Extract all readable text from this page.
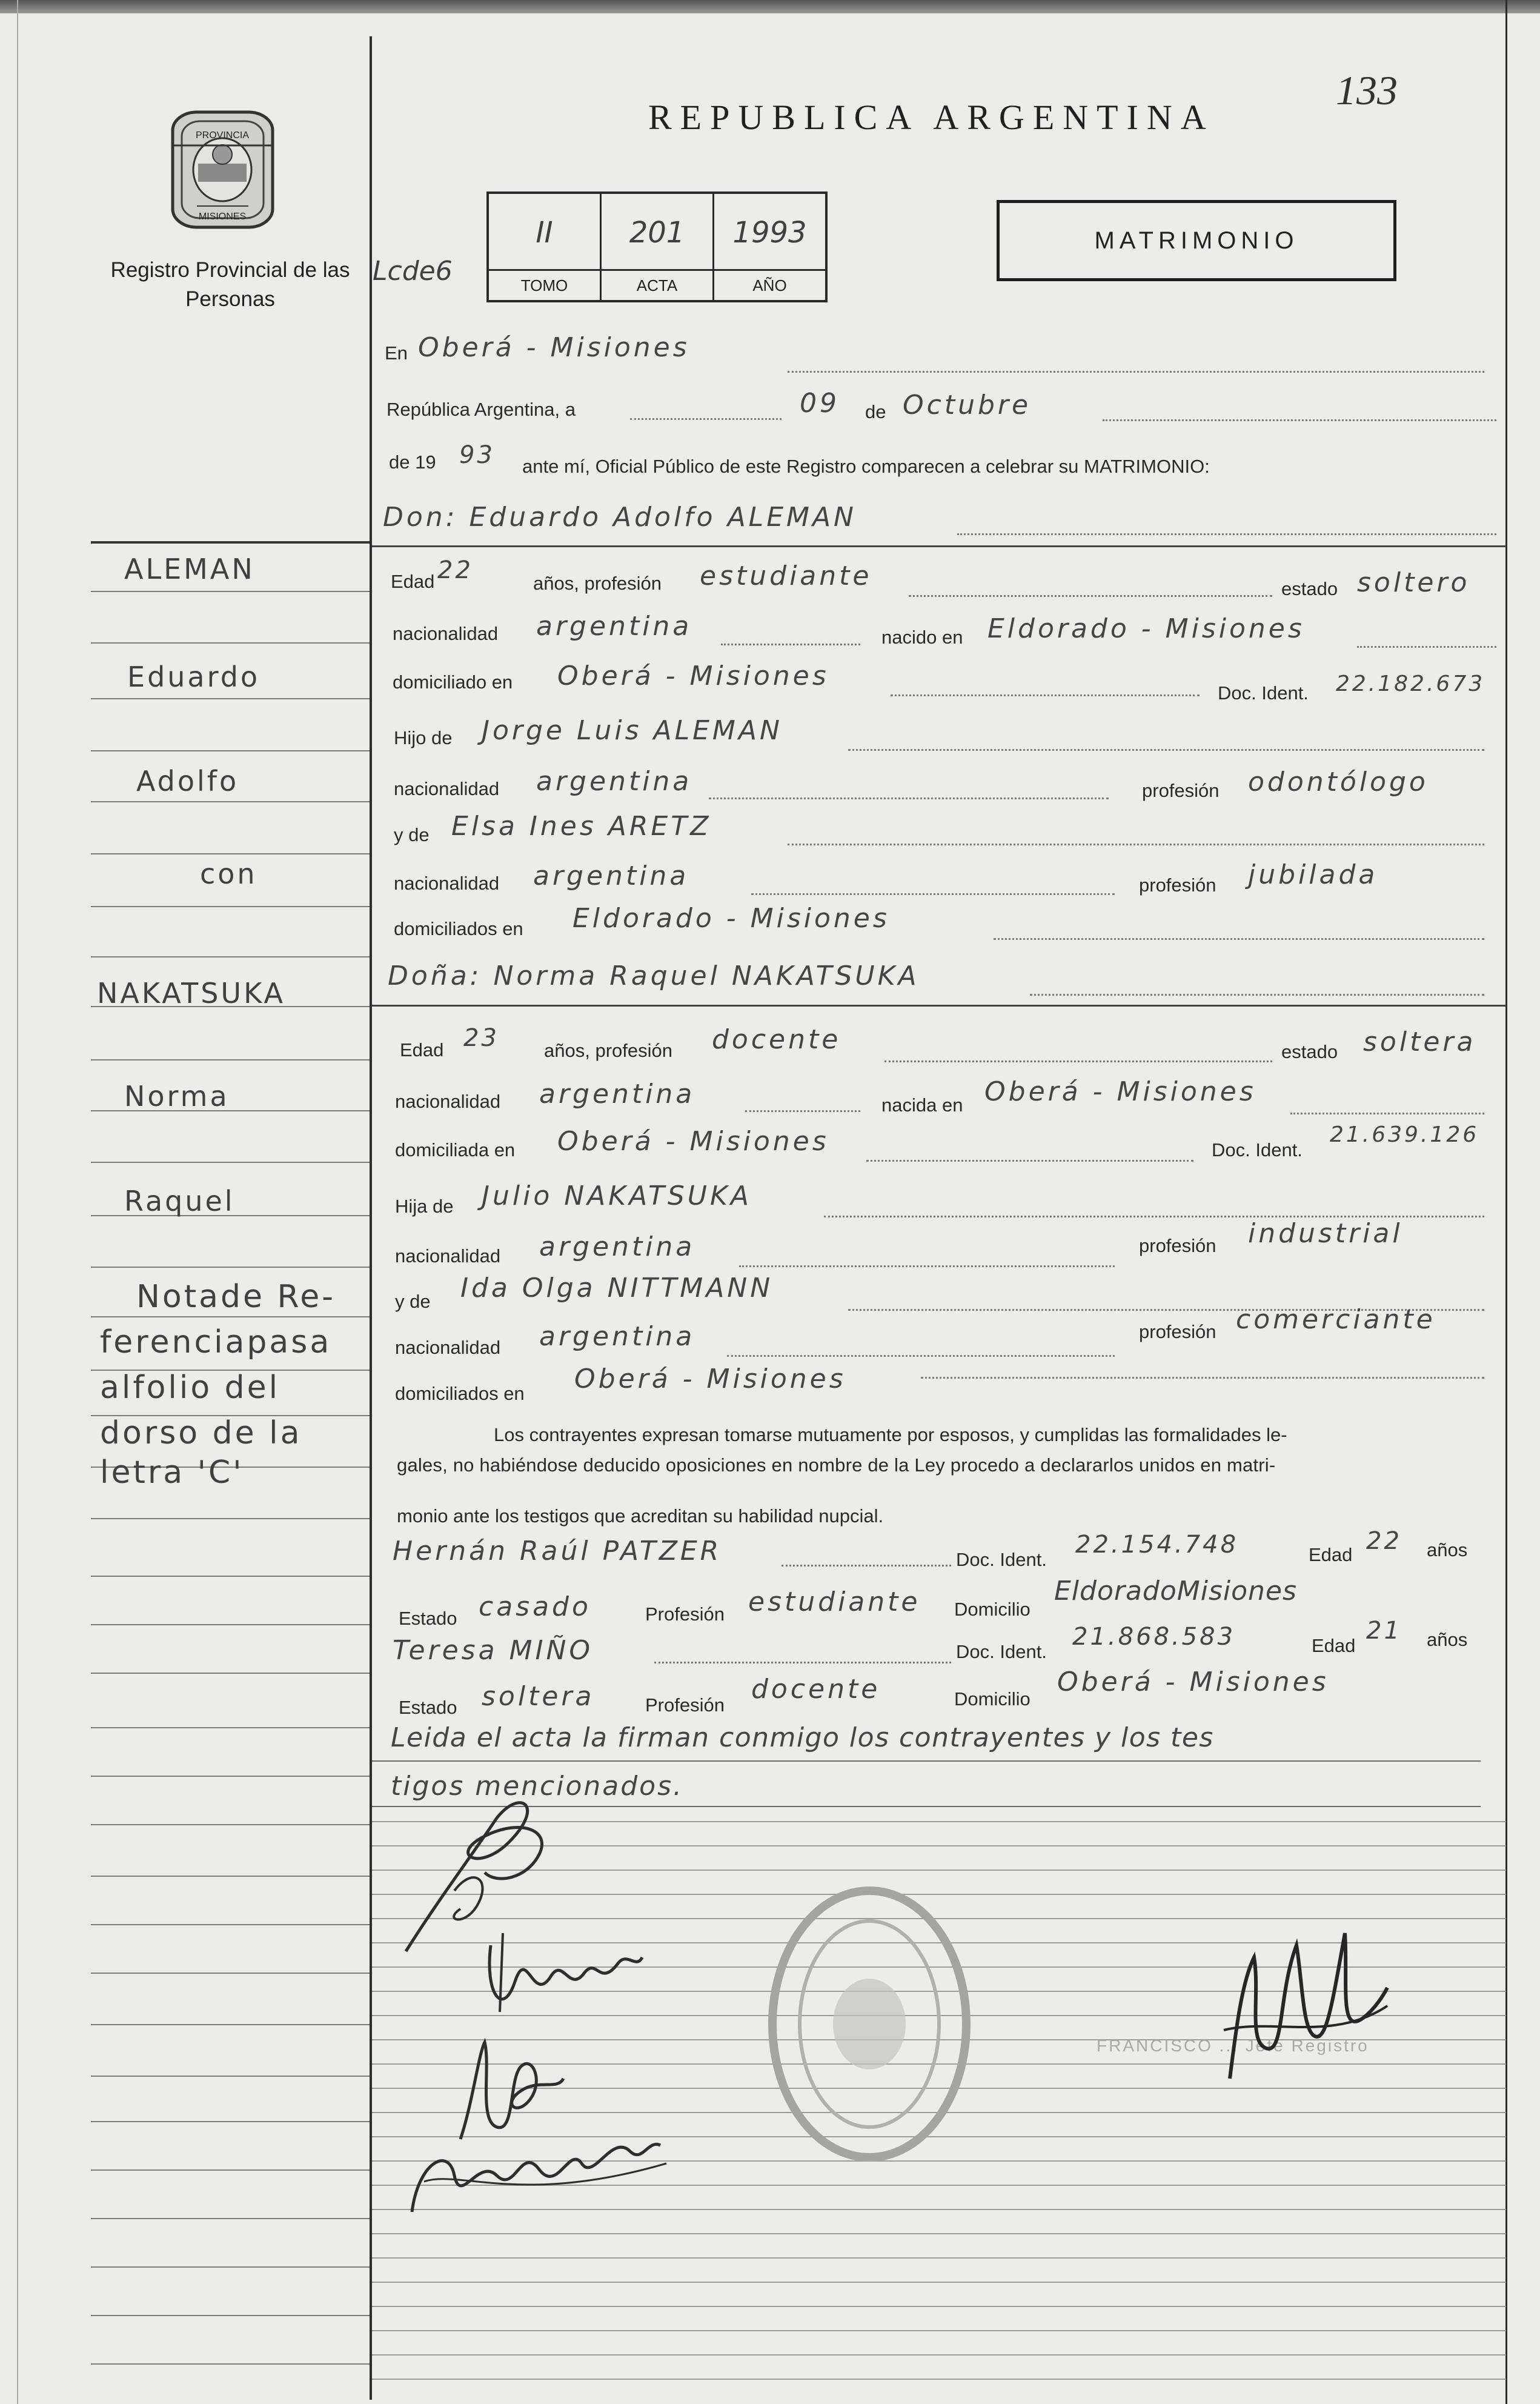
PROVINCIA
MISIONES
Registro Provincial de las Personas
REPUBLICA ARGENTINA
133
Lcde6
II
TOMO
201
ACTA
1993
AÑO
MATRIMONIO
ALEMAN
Eduardo
Adolfo
con
NAKATSUKA
Norma
Raquel
Notade Re-
ferenciapasa
alfolio del
dorso de la
letra 'C'
En Oberá - Misiones
República Argentina, a	09 de Octubre
de 19 93 ante mí, Oficial Público de este Registro comparecen a celebrar su MATRIMONIO:
Don: Eduardo Adolfo ALEMAN
Edad 22	años, profesión estudiante	estado soltero
nacionalidad argentina	nacido en Eldorado - Misiones
domiciliado en Oberá - Misiones
Doc. Ident. 22.182.673
Hijo de Jorge Luis ALEMAN
nacionalidad argentina	profesión odontólogo
y de Elsa Ines ARETZ
nacionalidad argentina	profesión jubilada
domiciliados en Eldorado - Misiones
Doña: Norma Raquel NAKATSUKA
Edad 23 años, profesión docente	estado soltera
nacionalidad argentina	nacida en Oberá - Misiones
domiciliada en Oberá - Misiones	Doc. Ident.
21.639.126
Hija de Julio NAKATSUKA
nacionalidad argentina	profesión industrial
y de Ida Olga NITTMANN
nacionalidad argentina	profesión comerciante
domiciliados en Oberá - Misiones
Los contrayentes expresan tomarse mutuamente por esposos, y cumplidas las formalidades le-
gales, no habiéndose deducido oposiciones en nombre de la Ley procedo a declararlos unidos en matri-
monio ante los testigos que acreditan su habilidad nupcial.
Hernán Raúl PATZER	Doc. Ident.
22.154.748	Edad 22 años
Estado casado	Profesión estudiante Domicilio
EldoradoMisiones
Teresa MIÑO	Doc. Ident.
21.868.583	Edad
21 años
Estado soltera	Profesión
docente	Domicilio
Oberá - Misiones
Leida el acta la firman conmigo los contrayentes y los tes
tigos mencionados.
FRANCISCO ... Jefe Registro
